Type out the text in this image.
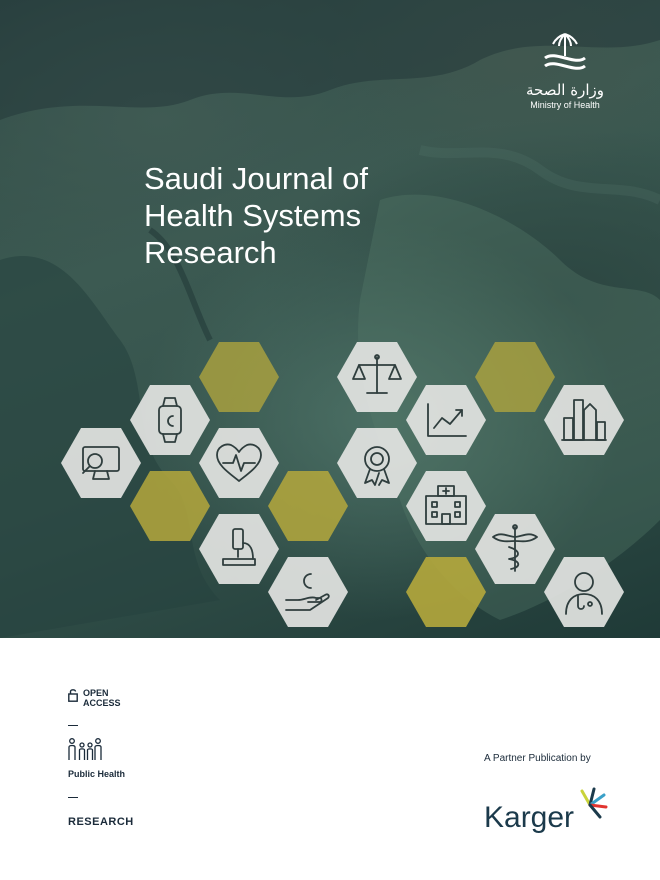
وزارة الصحة
Ministry of Health
Saudi Journal of
Health Systems
Research
OPEN
ACCESS
Public Health
RESEARCH
A Partner Publication by
Karger
